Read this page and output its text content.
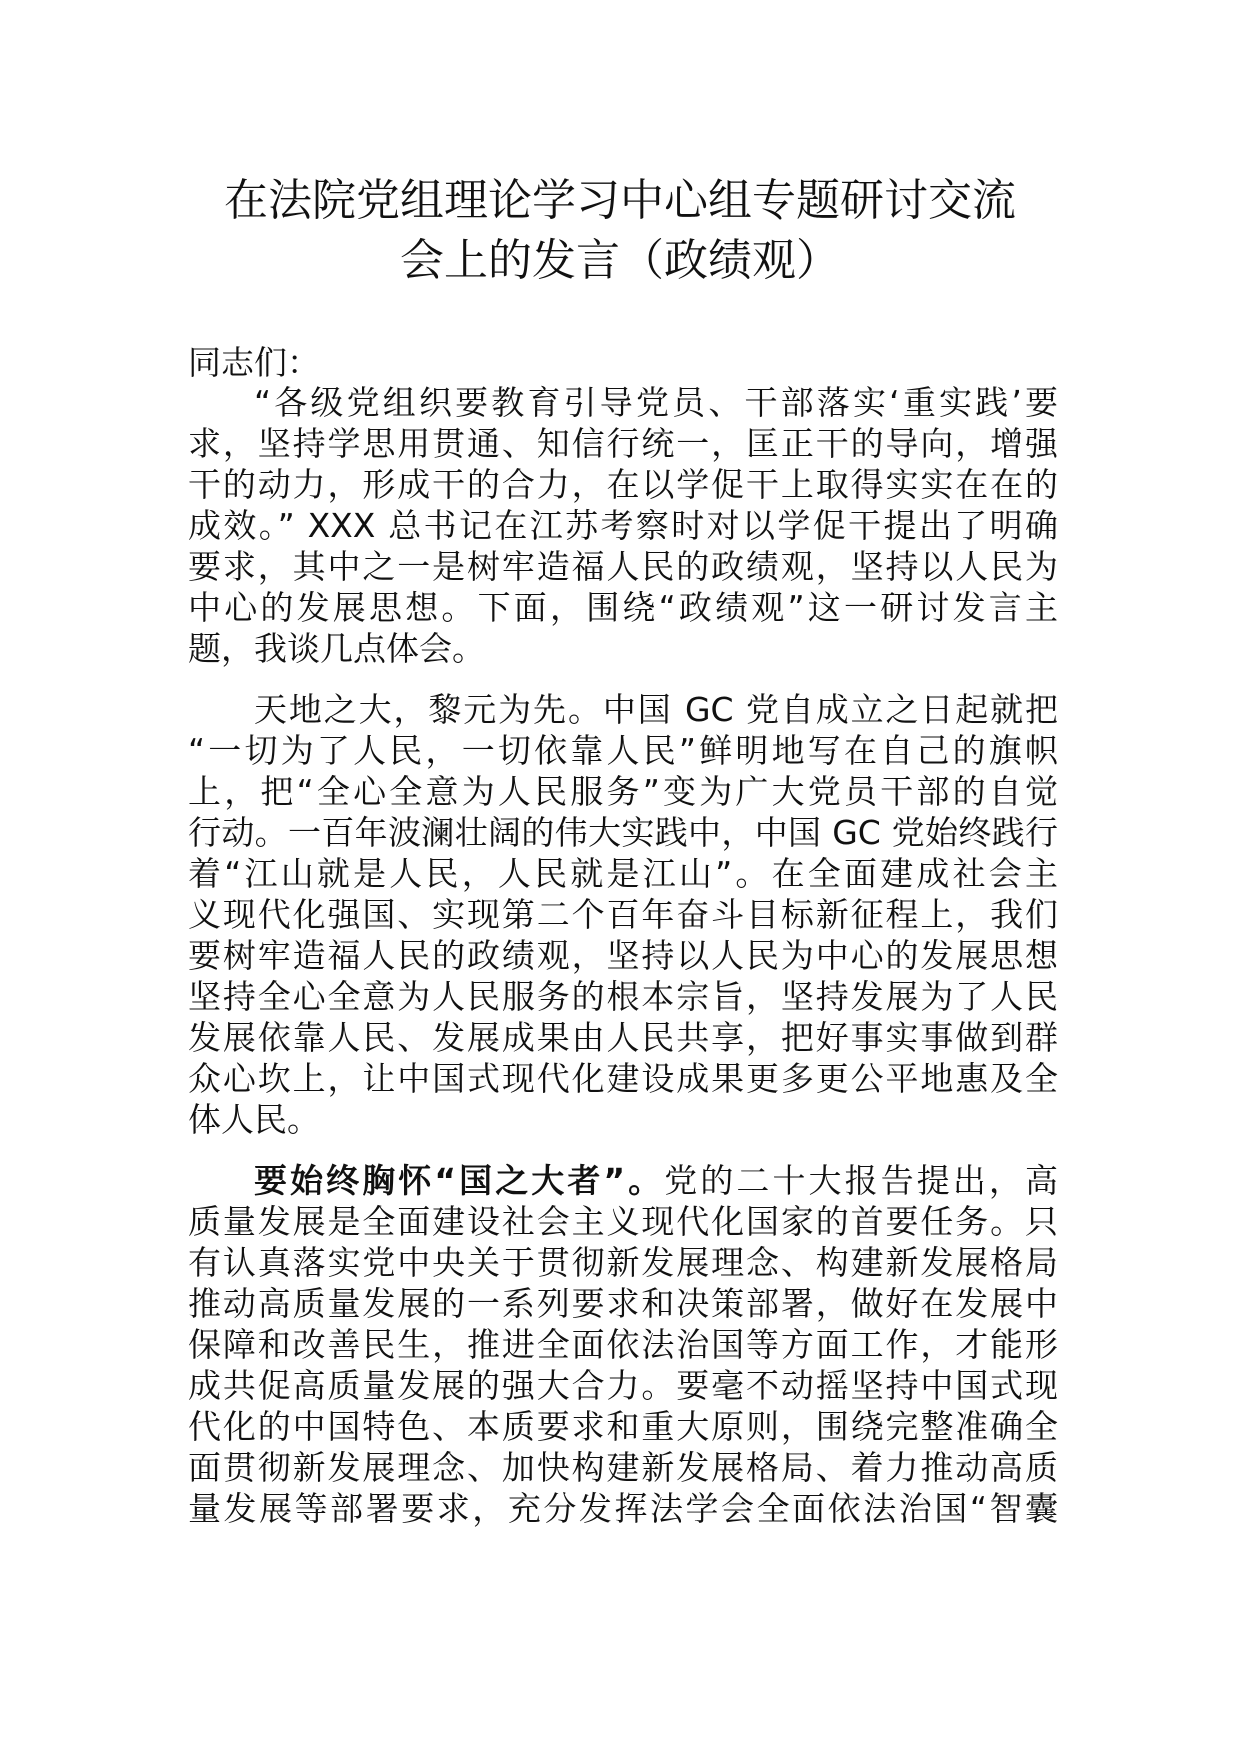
在法院党组理论学习中心组专题研讨交流
会上的发言（政绩观）
同志们：
“各级党组织要教育引导党员、干部落实‘重实践’要
求，坚持学思用贯通、知信行统一，匡正干的导向，增强
干的动力，形成干的合力，在以学促干上取得实实在在的
成效。” XXX 总书记在江苏考察时对以学促干提出了明确
要求，其中之一是树牢造福人民的政绩观，坚持以人民为
中心的发展思想。下面，围绕“政绩观”这一研讨发言主
题，我谈几点体会。
天地之大，黎元为先。中国 GC 党自成立之日起就把
“一切为了人民，一切依靠人民”鲜明地写在自己的旗帜
上，把“全心全意为人民服务”变为广大党员干部的自觉
行动。一百年波澜壮阔的伟大实践中，中国 GC 党始终践行
着“江山就是人民，人民就是江山”。在全面建成社会主
义现代化强国、实现第二个百年奋斗目标新征程上，我们
要树牢造福人民的政绩观，坚持以人民为中心的发展思想
坚持全心全意为人民服务的根本宗旨，坚持发展为了人民
发展依靠人民、发展成果由人民共享，把好事实事做到群
众心坎上，让中国式现代化建设成果更多更公平地惠及全
体人民。
要始终胸怀“国之大者”。党的二十大报告提出，高
质量发展是全面建设社会主义现代化国家的首要任务。只
有认真落实党中央关于贯彻新发展理念、构建新发展格局
推动高质量发展的一系列要求和决策部署，做好在发展中
保障和改善民生，推进全面依法治国等方面工作，才能形
成共促高质量发展的强大合力。要毫不动摇坚持中国式现
代化的中国特色、本质要求和重大原则，围绕完整准确全
面贯彻新发展理念、加快构建新发展格局、着力推动高质
量发展等部署要求，充分发挥法学会全面依法治国“智囊
